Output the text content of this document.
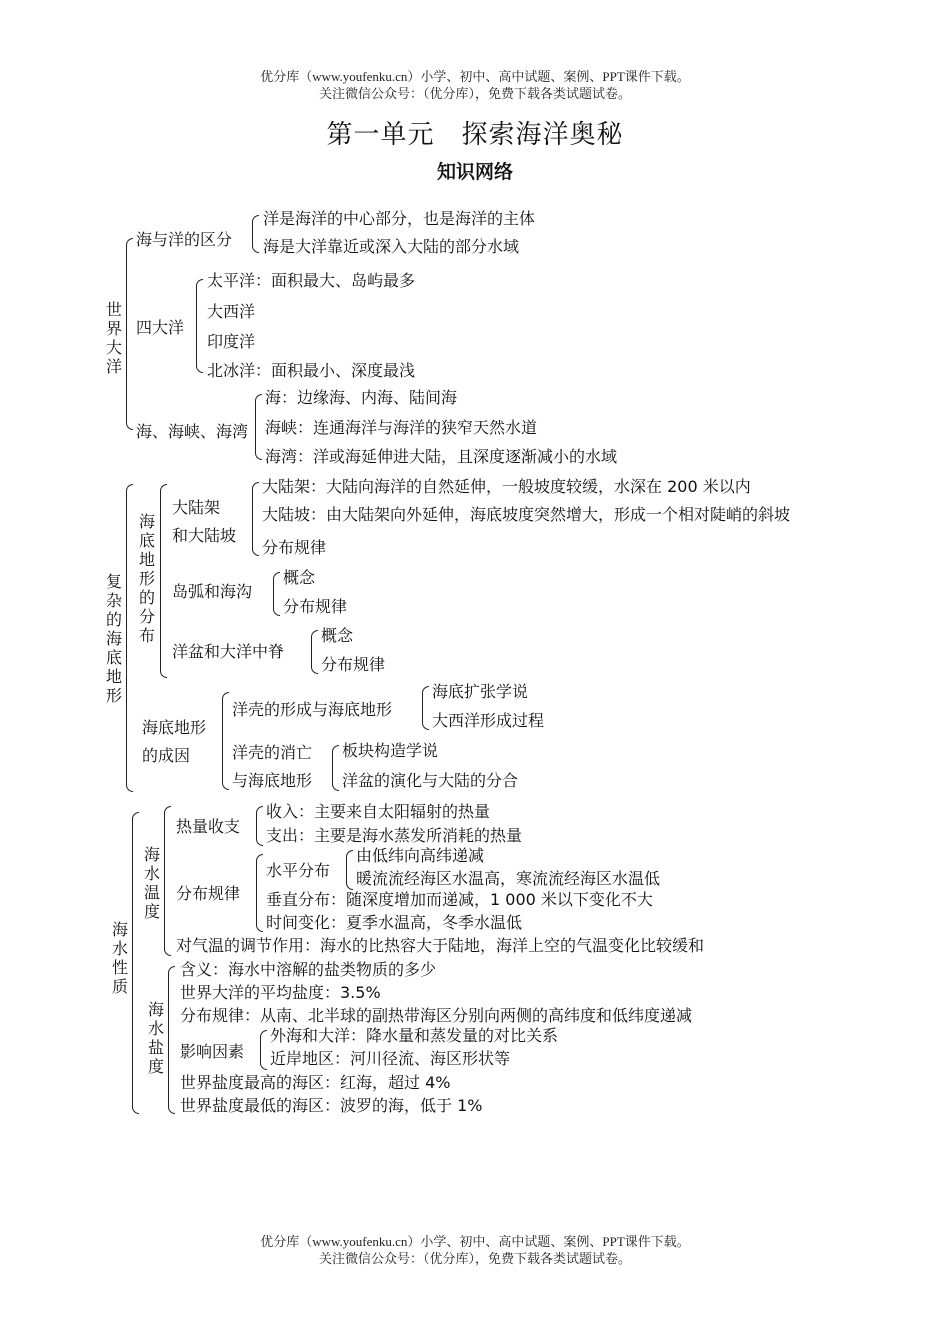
优分库（www.youfenku.cn）小学、初中、高中试题、案例、PPT课件下载。
关注微信公众号：（优分库），免费下载各类试题试卷。
第一单元　探索海洋奥秘
知识网络
世界大洋
海与洋的区分
洋是海洋的中心部分，也是海洋的主体
海是大洋靠近或深入大陆的部分水域
四大洋
太平洋：面积最大、岛屿最多
大西洋
印度洋
北冰洋：面积最小、深度最浅
海、海峡、海湾
海：边缘海、内海、陆间海
海峡：连通海洋与海洋的狭窄天然水道
海湾：洋或海延伸进大陆，且深度逐渐减小的水域
复杂的海底地形
海底地形的分布
大陆架
和大陆坡
大陆架：大陆向海洋的自然延伸，一般坡度较缓，水深在 200 米以内
大陆坡：由大陆架向外延伸，海底坡度突然增大，形成一个相对陡峭的斜坡
分布规律
岛弧和海沟
概念
分布规律
洋盆和大洋中脊
概念
分布规律
海底地形
的成因
洋壳的形成与海底地形
海底扩张学说
大西洋形成过程
洋壳的消亡
与海底地形
板块构造学说
洋盆的演化与大陆的分合
海水性质
海水温度
热量收支
收入：主要来自太阳辐射的热量
支出：主要是海水蒸发所消耗的热量
分布规律
水平分布
由低纬向高纬递减
暖流流经海区水温高，寒流流经海区水温低
垂直分布：随深度增加而递减，1 000 米以下变化不大
时间变化：夏季水温高，冬季水温低
对气温的调节作用：海水的比热容大于陆地，海洋上空的气温变化比较缓和
海水盐度
含义：海水中溶解的盐类物质的多少
世界大洋的平均盐度：3.5%
分布规律：从南、北半球的副热带海区分别向两侧的高纬度和低纬度递减
影响因素
外海和大洋：降水量和蒸发量的对比关系
近岸地区：河川径流、海区形状等
世界盐度最高的海区：红海，超过 4%
世界盐度最低的海区：波罗的海，低于 1%
优分库（www.youfenku.cn）小学、初中、高中试题、案例、PPT课件下载。
关注微信公众号：（优分库），免费下载各类试题试卷。
